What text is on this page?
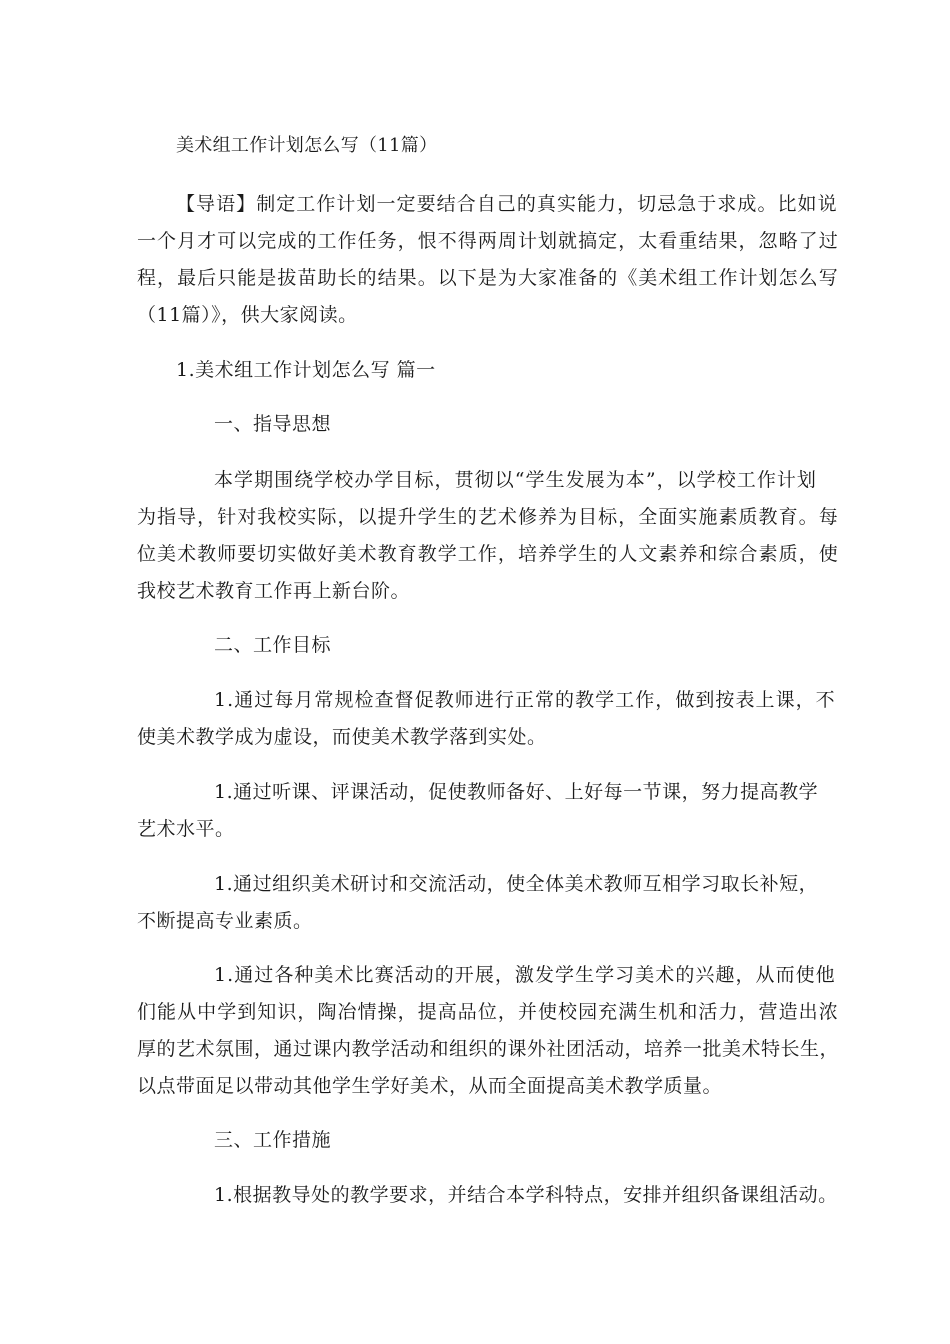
美术组工作计划怎么写（11篇）
【导语】制定工作计划一定要结合自己的真实能力，切忌急于求成。比如说
一个月才可以完成的工作任务，恨不得两周计划就搞定，太看重结果，忽略了过
程，最后只能是拔苗助长的结果。以下是为大家准备的《美术组工作计划怎么写
（11篇）》，供大家阅读。
1.美术组工作计划怎么写 篇一
一、指导思想
本学期围绕学校办学目标，贯彻以“学生发展为本”，以学校工作计划
为指导，针对我校实际，以提升学生的艺术修养为目标，全面实施素质教育。每
位美术教师要切实做好美术教育教学工作，培养学生的人文素养和综合素质，使
我校艺术教育工作再上新台阶。
二、工作目标
1.通过每月常规检查督促教师进行正常的教学工作，做到按表上课，不
使美术教学成为虚设，而使美术教学落到实处。
1.通过听课、评课活动，促使教师备好、上好每一节课，努力提高教学
艺术水平。
1.通过组织美术研讨和交流活动，使全体美术教师互相学习取长补短，
不断提高专业素质。
1.通过各种美术比赛活动的开展，激发学生学习美术的兴趣，从而使他
们能从中学到知识，陶冶情操，提高品位，并使校园充满生机和活力，营造出浓
厚的艺术氛围，通过课内教学活动和组织的课外社团活动，培养一批美术特长生，
以点带面足以带动其他学生学好美术，从而全面提高美术教学质量。
三、工作措施
1.根据教导处的教学要求，并结合本学科特点，安排并组织备课组活动。
